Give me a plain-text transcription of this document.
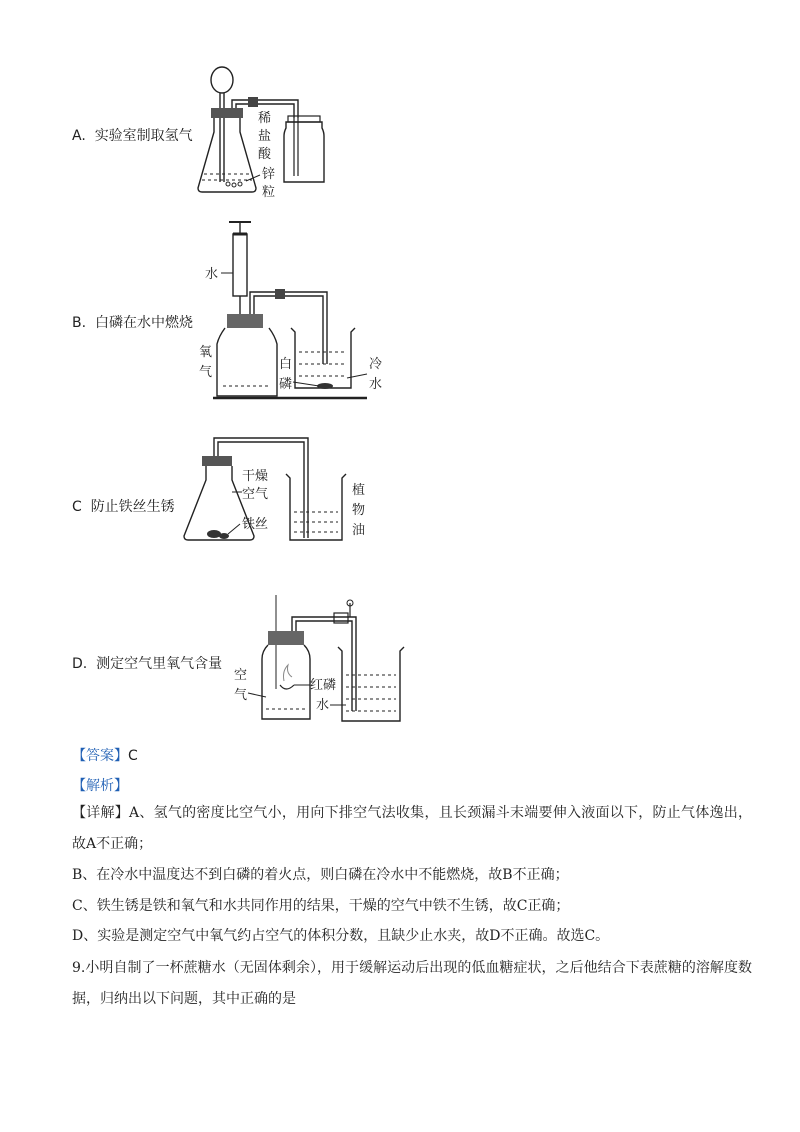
A. 实验室制取氢气
稀
盐
酸
锌
粒
B. 白磷在水中燃烧
水
氧
气
白
磷
冷
水
C 防止铁丝生锈
干燥
空气
铁丝
植
物
油
D. 测定空气里氧气含量
空
气
红磷
水
【答案】C
【解析】
【详解】A、氢气的密度比空气小，用向下排空气法收集，且长颈漏斗末端要伸入液面以下，防止气体逸出，故A不正确；
B、在冷水中温度达不到白磷的着火点，则白磷在冷水中不能燃烧，故B不正确；
C、铁生锈是铁和氧气和水共同作用的结果，干燥的空气中铁不生锈，故C正确；
D、实验是测定空气中氧气约占空气的体积分数，且缺少止水夹，故D不正确。故选C。
9.小明自制了一杯蔗糖水（无固体剩余），用于缓解运动后出现的低血糖症状，之后他结合下表蔗糖的溶解度数据，归纳出以下问题，其中正确的是
